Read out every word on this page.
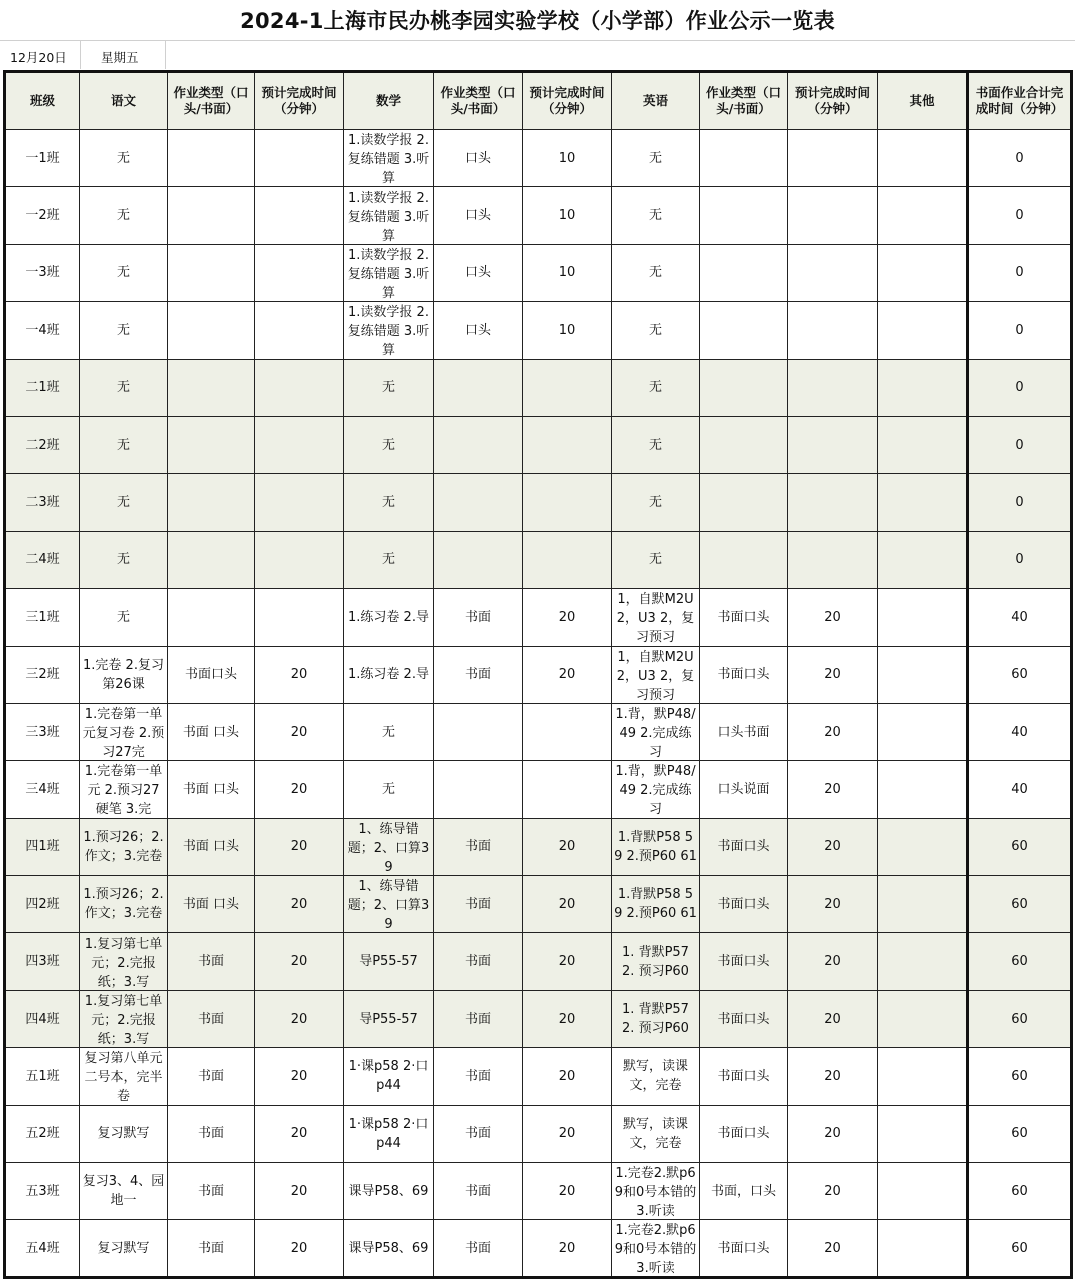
2024-1上海市民办桃李园实验学校（小学部）作业公示一览表
12月20日	星期五
班级	语文	作业类型（口头/书面）	预计完成时间（分钟）	数学	作业类型（口头/书面）	预计完成时间（分钟）	英语	作业类型（口头/书面）	预计完成时间（分钟）	其他	书面作业合计完成时间（分钟）

一1班	无			1.读数学报 2.复练错题 3.听算	口头	10	无				0

一2班	无			1.读数学报 2.复练错题 3.听算	口头	10	无				0

一3班	无			1.读数学报 2.复练错题 3.听算	口头	10	无				0

一4班	无			1.读数学报 2.复练错题 3.听算	口头	10	无				0

二1班	无			无			无				0

二2班	无			无			无				0

二3班	无			无			无				0

二4班	无			无			无				0

三1班	无			1.练习卷 2.导	书面	20	1，自默M2U2，U3 2，复习预习	书面口头	20		40

三2班	1.完卷 2.复习第26课	书面口头	20	1.练习卷 2.导	书面	20	1，自默M2U2，U3 2，复习预习	书面口头	20		60

三3班	1.完卷第一单元复习卷 2.预习27完	书面 口头	20	无			1.背，默P48/49 2.完成练习	口头书面	20		40

三4班	1.完卷第一单元 2.预习27硬笔 3.完	书面 口头	20	无			1.背，默P48/49 2.完成练习	口头说面	20		40

四1班	1.预习26；2.作文；3.完卷	书面 口头	20	1、练导错题；2、口算39	书面	20	1.背默P58 59 2.预P60 61	书面口头	20		60

四2班	1.预习26；2.作文；3.完卷	书面 口头	20	1、练导错题；2、口算39	书面	20	1.背默P58 59 2.预P60 61	书面口头	20		60

四3班	1.复习第七单元；2.完报纸；3.写	书面	20	导P55-57	书面	20	1. 背默P57 2. 预习P60	书面口头	20		60

四4班	1.复习第七单元；2.完报纸；3.写	书面	20	导P55-57	书面	20	1. 背默P57 2. 预习P60	书面口头	20		60

五1班	复习第八单元二号本，完半卷	书面	20	1·课p58 2·口p44	书面	20	默写，读课文，完卷	书面口头	20		60

五2班	复习默写	书面	20	1·课p58 2·口p44	书面	20	默写，读课文，完卷	书面口头	20		60

五3班	复习3、4、园地一	书面	20	课导P58、69	书面	20	1.完卷2.默p69和0号本错的3.听读	书面，口头	20		60

五4班	复习默写	书面	20	课导P58、69	书面	20	1.完卷2.默p69和0号本错的3.听读	书面口头	20		60
